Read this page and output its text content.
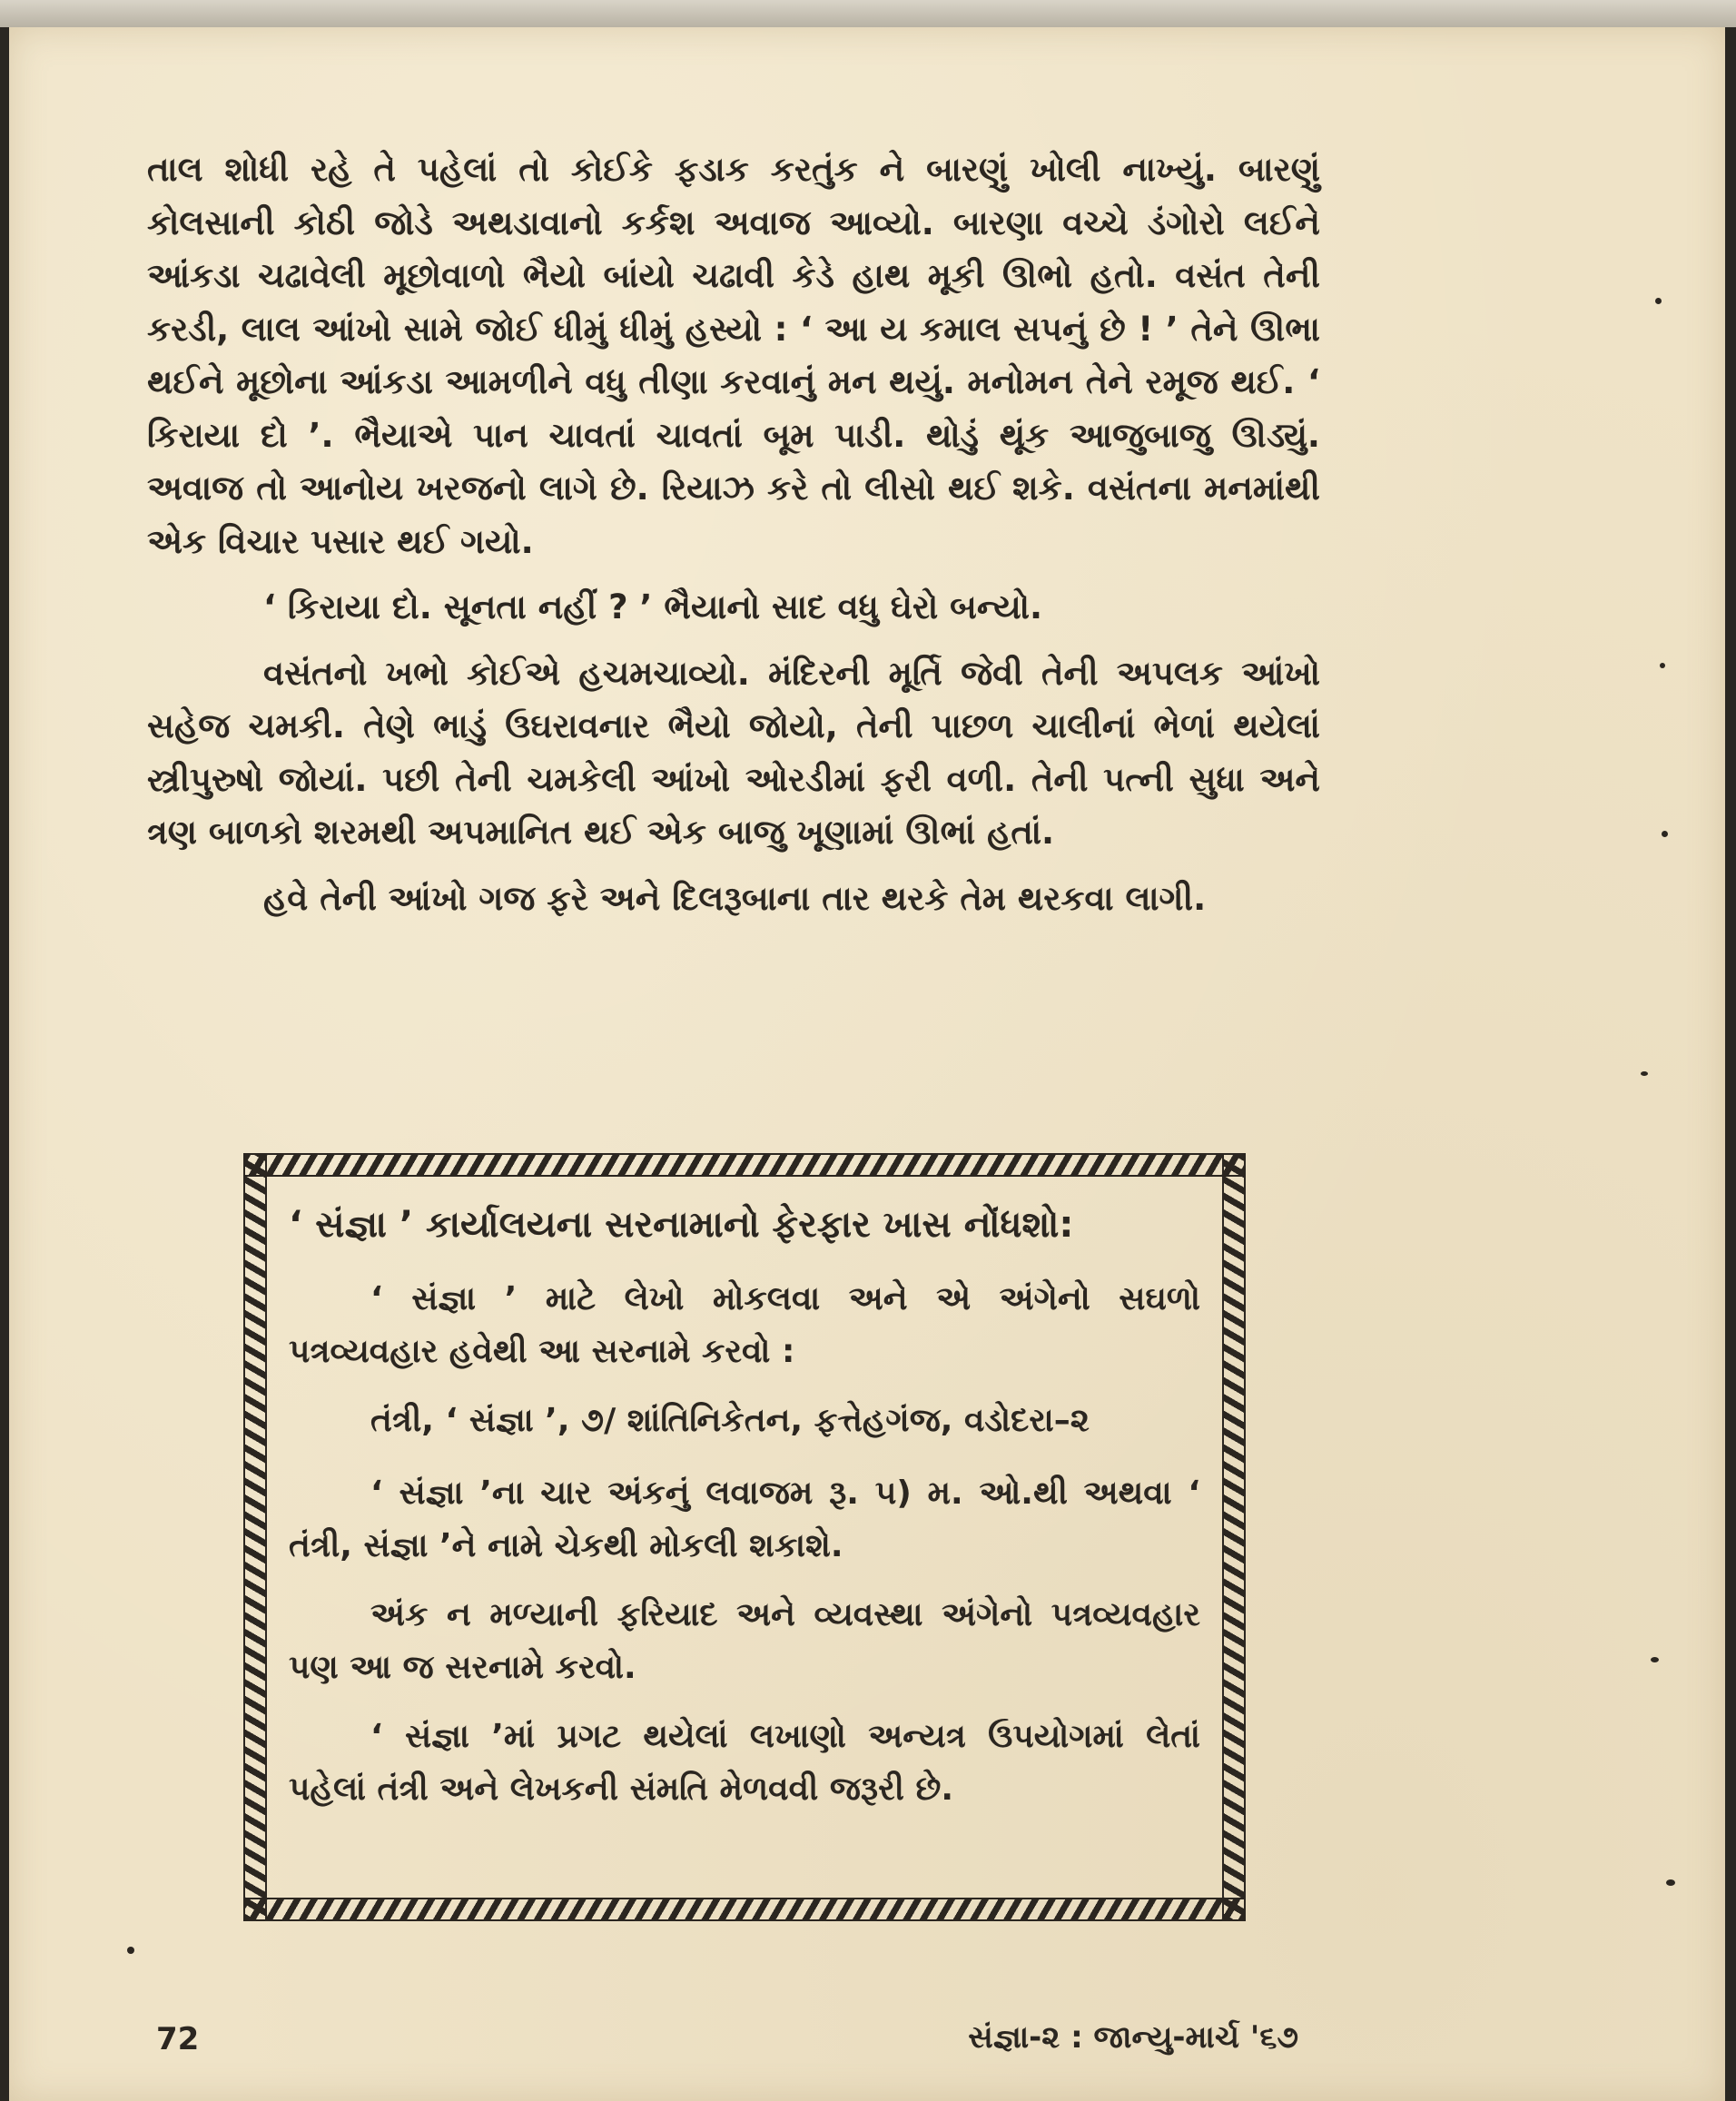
તાલ શોધી રહે તે પહેલાં તો કોઈકે ફડાક કરતુંક ને બારણું ખોલી નાખ્યું. બારણું કોલસાની કોઠી જોડે અથડાવાનો કર્કશ અવાજ આવ્યો. બારણા વચ્ચે ડંગોરો લઈને આંકડા ચઢાવેલી મૂછોવાળો ભૈયો બાંયો ચઢાવી કેડે હાથ મૂકી ઊભો હતો. વસંત તેની કરડી, લાલ આંખો સામે જોઈ ધીમું ધીમું હસ્યો : ‘ આ ય કમાલ સપનું છે ! ’ તેને ઊભા થઈને મૂછોના આંકડા આમળીને વધુ તીણા કરવાનું મન થયું. મનોમન તેને રમૂજ થઈ. ‘ કિરાયા દો ’. ભૈયાએ પાન ચાવતાં ચાવતાં બૂમ પાડી. થોડું થૂંક આજુબાજુ ઊડ્યું. અવાજ તો આનોય ખરજનો લાગે છે. રિયાઝ કરે તો લીસો થઈ શકે. વસંતના મનમાંથી એક વિચાર પસાર થઈ ગયો.

‘ કિરાયા દો. સૂનતા નહીં ? ’ ભૈયાનો સાદ વધુ ઘેરો બન્યો.

વસંતનો ખભો કોઈએ હચમચાવ્યો. મંદિરની મૂર્તિ જેવી તેની અપલક આંખો સહેજ ચમકી. તેણે ભાડું ઉઘરાવનાર ભૈયો જોયો, તેની પાછળ ચાલીનાં ભેળાં થયેલાં સ્ત્રીપુરુષો જોયાં. પછી તેની ચમકેલી આંખો ઓરડીમાં ફરી વળી. તેની પત્ની સુધા અને ત્રણ બાળકો શરમથી અપમાનિત થઈ એક બાજુ ખૂણામાં ઊભાં હતાં.

હવે તેની આંખો ગજ ફરે અને દિલરૂબાના તાર થરકે તેમ થરકવા લાગી.

‘ સંજ્ઞા ’ કાર્યાલયના સરનામાનો ફેરફાર ખાસ નોંધશો:

‘ સંજ્ઞા ’ માટે લેખો મોકલવા અને એ અંગેનો સઘળો પત્રવ્યવહાર હવેથી આ સરનામે કરવો :

તંત્રી, ‘ સંજ્ઞા ’, ૭/ શાંતિનિકેતન, ફત્તેહગંજ, વડોદરા–૨

‘ સંજ્ઞા ’ના ચાર અંકનું લવાજમ રૂ. ૫) મ. ઓ.થી અથવા ‘ તંત્રી, સંજ્ઞા ’ને નામે ચેકથી મોકલી શકાશે.

અંક ન મળ્યાની ફરિયાદ અને વ્યવસ્થા અંગેનો પત્રવ્યવહાર પણ આ જ સરનામે કરવો.

‘ સંજ્ઞા ’માં પ્રગટ થયેલાં લખાણો અન્યત્ર ઉપયોગમાં લેતાં પહેલાં તંત્રી અને લેખકની સંમતિ મેળવવી જરૂરી છે.

72	સંજ્ઞા-૨ : જાન્યુ-માર્ચ '૬૭
